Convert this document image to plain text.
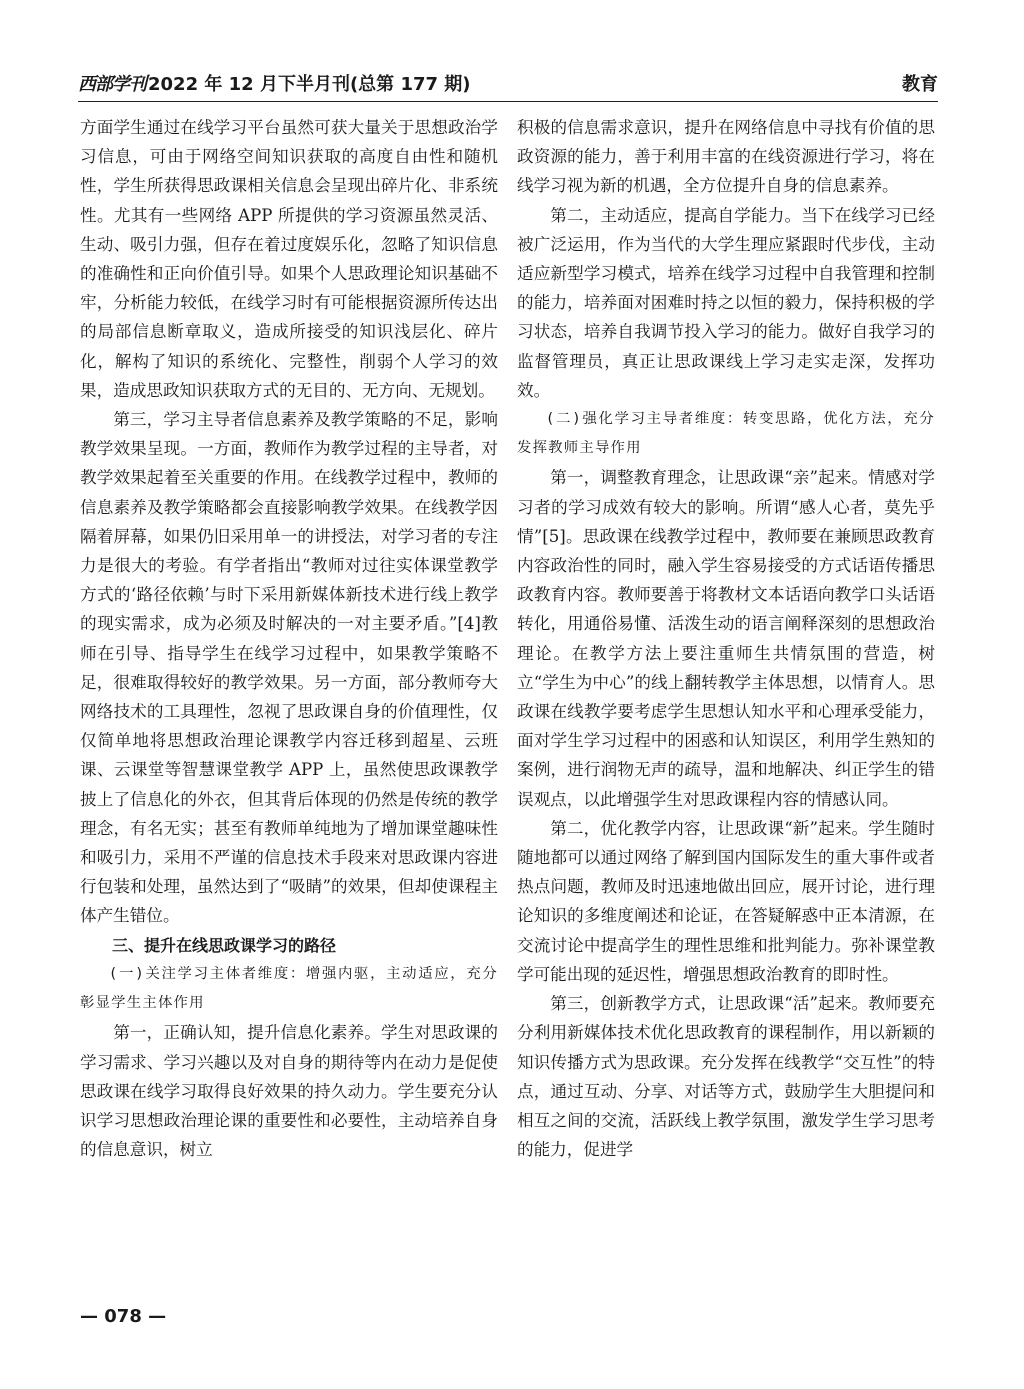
西部学刊 2022 年 12 月下半月刊(总第 177 期)	教育

方面学生通过在线学习平台虽然可获大量关于思想政治学习信息，可由于网络空间知识获取的高度自由性和随机性，学生所获得思政课相关信息会呈现出碎片化、非系统性。尤其有一些网络 APP 所提供的学习资源虽然灵活、生动、吸引力强，但存在着过度娱乐化，忽略了知识信息的准确性和正向价值引导。如果个人思政理论知识基础不牢，分析能力较低，在线学习时有可能根据资源所传达出的局部信息断章取义，造成所接受的知识浅层化、碎片化，解构了知识的系统化、完整性，削弱个人学习的效果，造成思政知识获取方式的无目的、无方向、无规划。

第三，学习主导者信息素养及教学策略的不足，影响教学效果呈现。一方面，教师作为教学过程的主导者，对教学效果起着至关重要的作用。在线教学过程中，教师的信息素养及教学策略都会直接影响教学效果。在线教学因隔着屏幕，如果仍旧采用单一的讲授法，对学习者的专注力是很大的考验。有学者指出“教师对过往实体课堂教学方式的‘路径依赖’与时下采用新媒体新技术进行线上教学的现实需求，成为必须及时解决的一对主要矛盾。”[4]教师在引导、指导学生在线学习过程中，如果教学策略不足，很难取得较好的教学效果。另一方面，部分教师夸大网络技术的工具理性，忽视了思政课自身的价值理性，仅仅简单地将思想政治理论课教学内容迁移到超星、云班课、云课堂等智慧课堂教学 APP 上，虽然使思政课教学披上了信息化的外衣，但其背后体现的仍然是传统的教学理念，有名无实；甚至有教师单纯地为了增加课堂趣味性和吸引力，采用不严谨的信息技术手段来对思政课内容进行包装和处理，虽然达到了“吸睛”的效果，但却使课程主体产生错位。

三、提升在线思政课学习的路径

(一)关注学习主体者维度：增强内驱，主动适应，充分彰显学生主体作用

第一，正确认知，提升信息化素养。学生对思政课的学习需求、学习兴趣以及对自身的期待等内在动力是促使思政课在线学习取得良好效果的持久动力。学生要充分认识学习思想政治理论课的重要性和必要性，主动培养自身的信息意识，树立

积极的信息需求意识，提升在网络信息中寻找有价值的思政资源的能力，善于利用丰富的在线资源进行学习，将在线学习视为新的机遇，全方位提升自身的信息素养。

第二，主动适应，提高自学能力。当下在线学习已经被广泛运用，作为当代的大学生理应紧跟时代步伐，主动适应新型学习模式，培养在线学习过程中自我管理和控制的能力，培养面对困难时持之以恒的毅力，保持积极的学习状态，培养自我调节投入学习的能力。做好自我学习的监督管理员，真正让思政课线上学习走实走深，发挥功效。

(二)强化学习主导者维度：转变思路，优化方法，充分发挥教师主导作用

第一，调整教育理念，让思政课“亲”起来。情感对学习者的学习成效有较大的影响。所谓“感人心者，莫先乎情”[5]。思政课在线教学过程中，教师要在兼顾思政教育内容政治性的同时，融入学生容易接受的方式话语传播思政教育内容。教师要善于将教材文本话语向教学口头话语转化，用通俗易懂、活泼生动的语言阐释深刻的思想政治理论。在教学方法上要注重师生共情氛围的营造，树立“学生为中心”的线上翻转教学主体思想，以情育人。思政课在线教学要考虑学生思想认知水平和心理承受能力，面对学生学习过程中的困惑和认知误区，利用学生熟知的案例，进行润物无声的疏导，温和地解决、纠正学生的错误观点，以此增强学生对思政课程内容的情感认同。

第二，优化教学内容，让思政课“新”起来。学生随时随地都可以通过网络了解到国内国际发生的重大事件或者热点问题，教师及时迅速地做出回应，展开讨论，进行理论知识的多维度阐述和论证，在答疑解惑中正本清源，在交流讨论中提高学生的理性思维和批判能力。弥补课堂教学可能出现的延迟性，增强思想政治教育的即时性。

第三，创新教学方式，让思政课“活”起来。教师要充分利用新媒体技术优化思政教育的课程制作，用以新颖的知识传播方式为思政课。充分发挥在线教学“交互性”的特点，通过互动、分享、对话等方式，鼓励学生大胆提问和相互之间的交流，活跃线上教学氛围，激发学生学习思考的能力，促进学

— 078 —
